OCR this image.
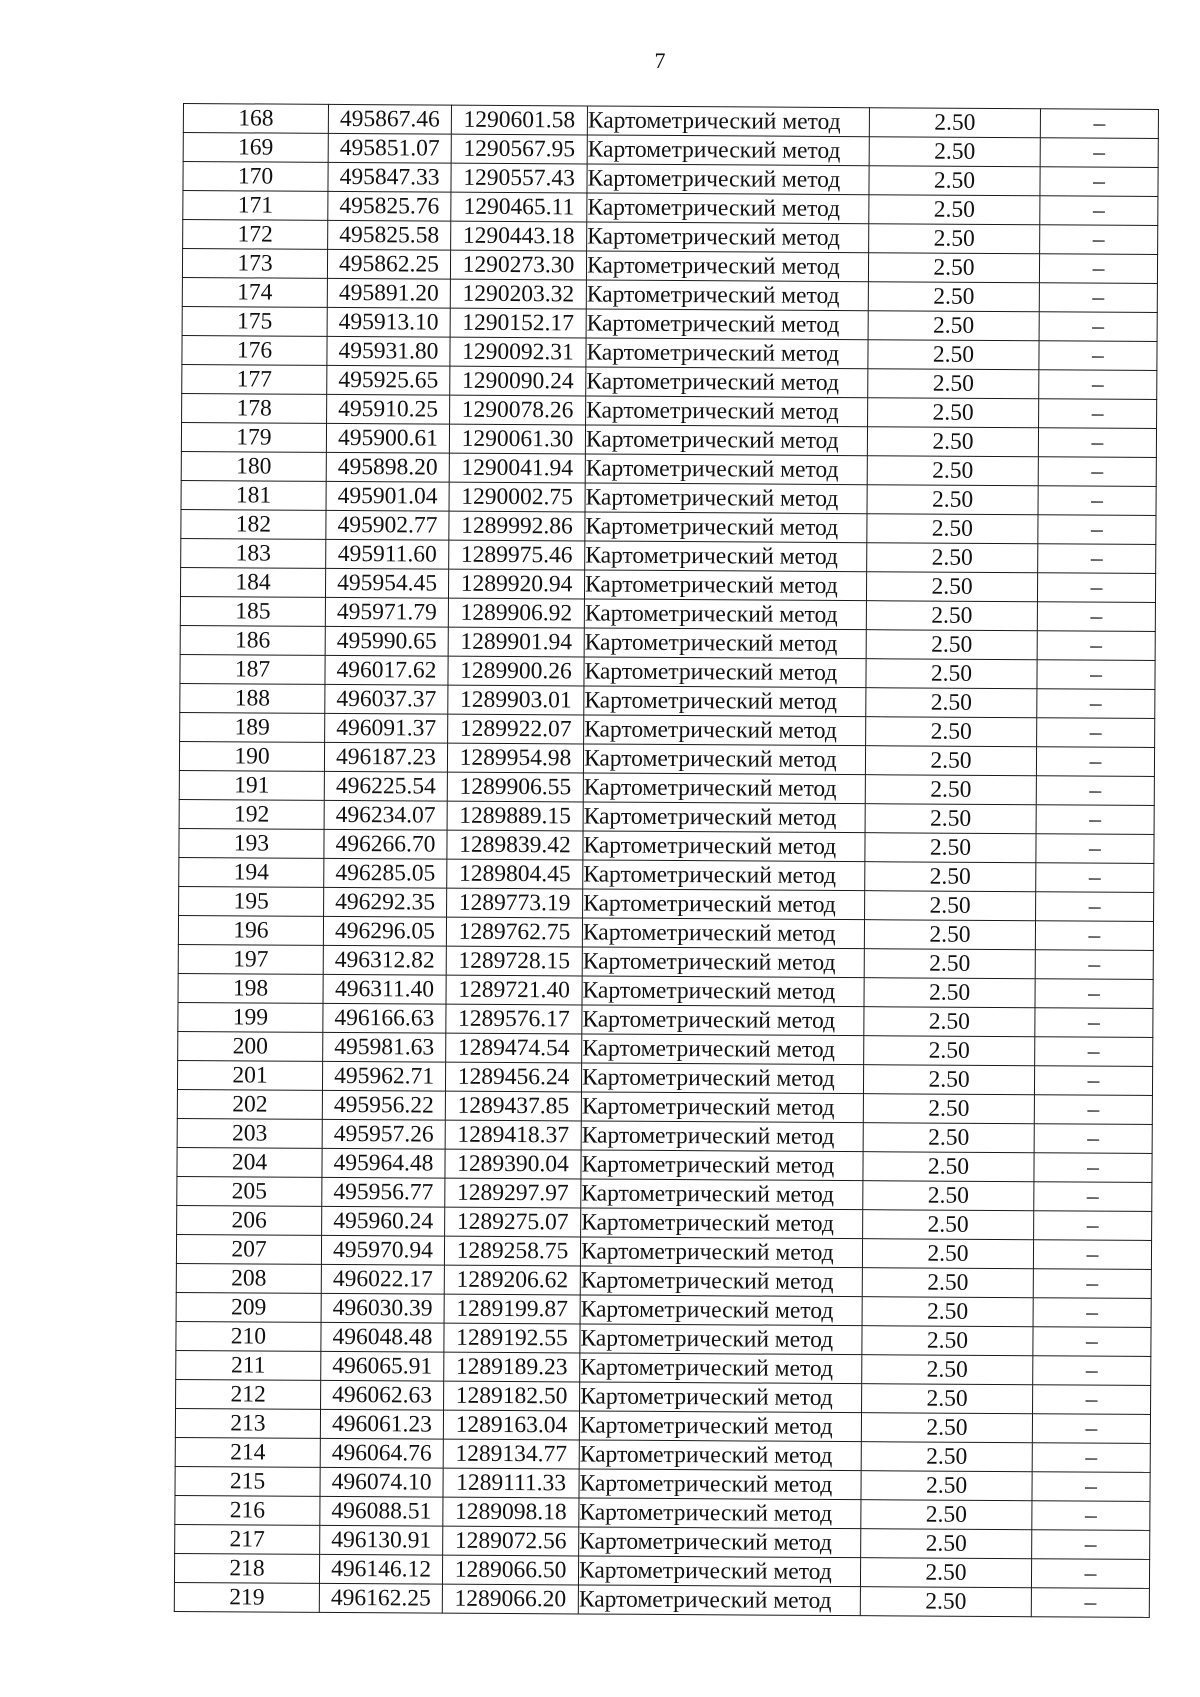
7
168	495867.46	1290601.58	Картометрический метод	2.50	–
169	495851.07	1290567.95	Картометрический метод	2.50	–
170	495847.33	1290557.43	Картометрический метод	2.50	–
171	495825.76	1290465.11	Картометрический метод	2.50	–
172	495825.58	1290443.18	Картометрический метод	2.50	–
173	495862.25	1290273.30	Картометрический метод	2.50	–
174	495891.20	1290203.32	Картометрический метод	2.50	–
175	495913.10	1290152.17	Картометрический метод	2.50	–
176	495931.80	1290092.31	Картометрический метод	2.50	–
177	495925.65	1290090.24	Картометрический метод	2.50	–
178	495910.25	1290078.26	Картометрический метод	2.50	–
179	495900.61	1290061.30	Картометрический метод	2.50	–
180	495898.20	1290041.94	Картометрический метод	2.50	–
181	495901.04	1290002.75	Картометрический метод	2.50	–
182	495902.77	1289992.86	Картометрический метод	2.50	–
183	495911.60	1289975.46	Картометрический метод	2.50	–
184	495954.45	1289920.94	Картометрический метод	2.50	–
185	495971.79	1289906.92	Картометрический метод	2.50	–
186	495990.65	1289901.94	Картометрический метод	2.50	–
187	496017.62	1289900.26	Картометрический метод	2.50	–
188	496037.37	1289903.01	Картометрический метод	2.50	–
189	496091.37	1289922.07	Картометрический метод	2.50	–
190	496187.23	1289954.98	Картометрический метод	2.50	–
191	496225.54	1289906.55	Картометрический метод	2.50	–
192	496234.07	1289889.15	Картометрический метод	2.50	–
193	496266.70	1289839.42	Картометрический метод	2.50	–
194	496285.05	1289804.45	Картометрический метод	2.50	–
195	496292.35	1289773.19	Картометрический метод	2.50	–
196	496296.05	1289762.75	Картометрический метод	2.50	–
197	496312.82	1289728.15	Картометрический метод	2.50	–
198	496311.40	1289721.40	Картометрический метод	2.50	–
199	496166.63	1289576.17	Картометрический метод	2.50	–
200	495981.63	1289474.54	Картометрический метод	2.50	–
201	495962.71	1289456.24	Картометрический метод	2.50	–
202	495956.22	1289437.85	Картометрический метод	2.50	–
203	495957.26	1289418.37	Картометрический метод	2.50	–
204	495964.48	1289390.04	Картометрический метод	2.50	–
205	495956.77	1289297.97	Картометрический метод	2.50	–
206	495960.24	1289275.07	Картометрический метод	2.50	–
207	495970.94	1289258.75	Картометрический метод	2.50	–
208	496022.17	1289206.62	Картометрический метод	2.50	–
209	496030.39	1289199.87	Картометрический метод	2.50	–
210	496048.48	1289192.55	Картометрический метод	2.50	–
211	496065.91	1289189.23	Картометрический метод	2.50	–
212	496062.63	1289182.50	Картометрический метод	2.50	–
213	496061.23	1289163.04	Картометрический метод	2.50	–
214	496064.76	1289134.77	Картометрический метод	2.50	–
215	496074.10	1289111.33	Картометрический метод	2.50	–
216	496088.51	1289098.18	Картометрический метод	2.50	–
217	496130.91	1289072.56	Картометрический метод	2.50	–
218	496146.12	1289066.50	Картометрический метод	2.50	–
219	496162.25	1289066.20	Картометрический метод	2.50	–
